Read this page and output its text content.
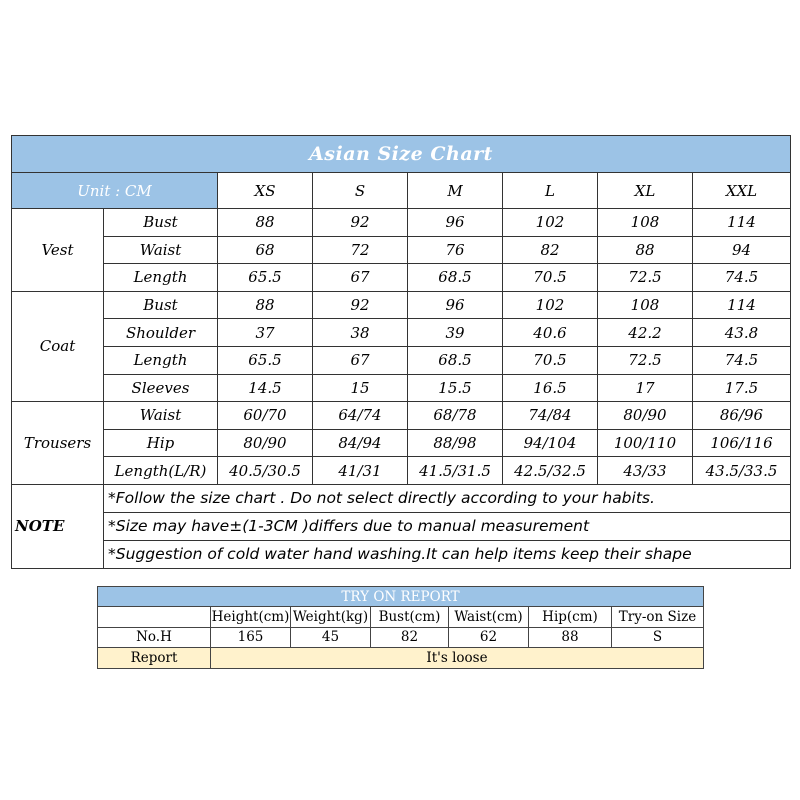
Asian Size Chart							
Unit : CM		XS	S	M	L	XL	XXL
Vest	Bust	88	92	96	102	108	114
	Waist	68	72	76	82	88	94
	Length	65.5	67	68.5	70.5	72.5	74.5
Coat	Bust	88	92	96	102	108	114
	Shoulder	37	38	39	40.6	42.2	43.8
	Length	65.5	67	68.5	70.5	72.5	74.5
	Sleeves	14.5	15	15.5	16.5	17	17.5
Trousers	Waist	60/70	64/74	68/78	74/84	80/90	86/96
	Hip	80/90	84/94	88/98	94/104	100/110	106/116
	Length(L/R)	40.5/30.5	41/31	41.5/31.5	42.5/32.5	43/33	43.5/33.5
NOTE	*Follow the size chart . Do not select directly according to your habits.						
	*Size may have±(1-3CM )differs due to manual measurement						
	*Suggestion of cold water hand washing.It can help items keep their shape						
TRY ON REPORT						
	Height(cm)	Weight(kg)	Bust(cm)	Waist(cm)	Hip(cm)	Try-on Size
No.H	165	45	82	62	88	S
Report	It's loose					
